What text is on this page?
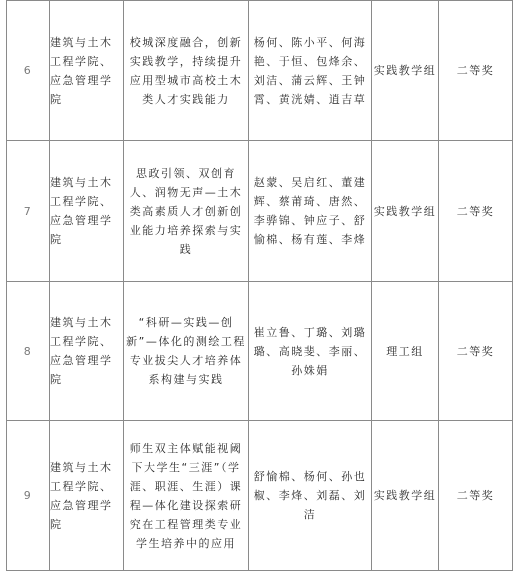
6	建筑与土木工程学院、应急管理学院	校城深度融合，创新实践教学，持续提升应用型城市高校土木类人才实践能力	杨何、陈小平、何海艳、于恒、包烽余、刘洁、蒲云辉、王钟霄、黄洸婧、逍吉草	实践教学组	二等奖

7	建筑与土木工程学院、应急管理学院	思政引领、双创育人、润物无声—土木类高素质人才创新创业能力培养探索与实践	赵蒙、吴启红、董建辉、蔡莆琦、唐然、李骅锦、钟应子、舒愉棉、杨有莲、李烽	实践教学组	二等奖

8	建筑与土木工程学院、应急管理学院	“科研—实践—创新”—体化的测绘工程专业拔尖人才培养体系构建与实践	崔立鲁、丁璐、刘璐璐、高晓斐、李丽、孙姝娟	理工组	二等奖

9	建筑与土木工程学院、应急管理学院	师生双主体赋能视阈下大学生“三涯”（学涯、职涯、生涯）课程—体化建设探索研究在工程管理类专业学生培养中的应用	舒愉棉、杨何、孙也椒、李烽、刘磊、刘洁	实践教学组	二等奖
